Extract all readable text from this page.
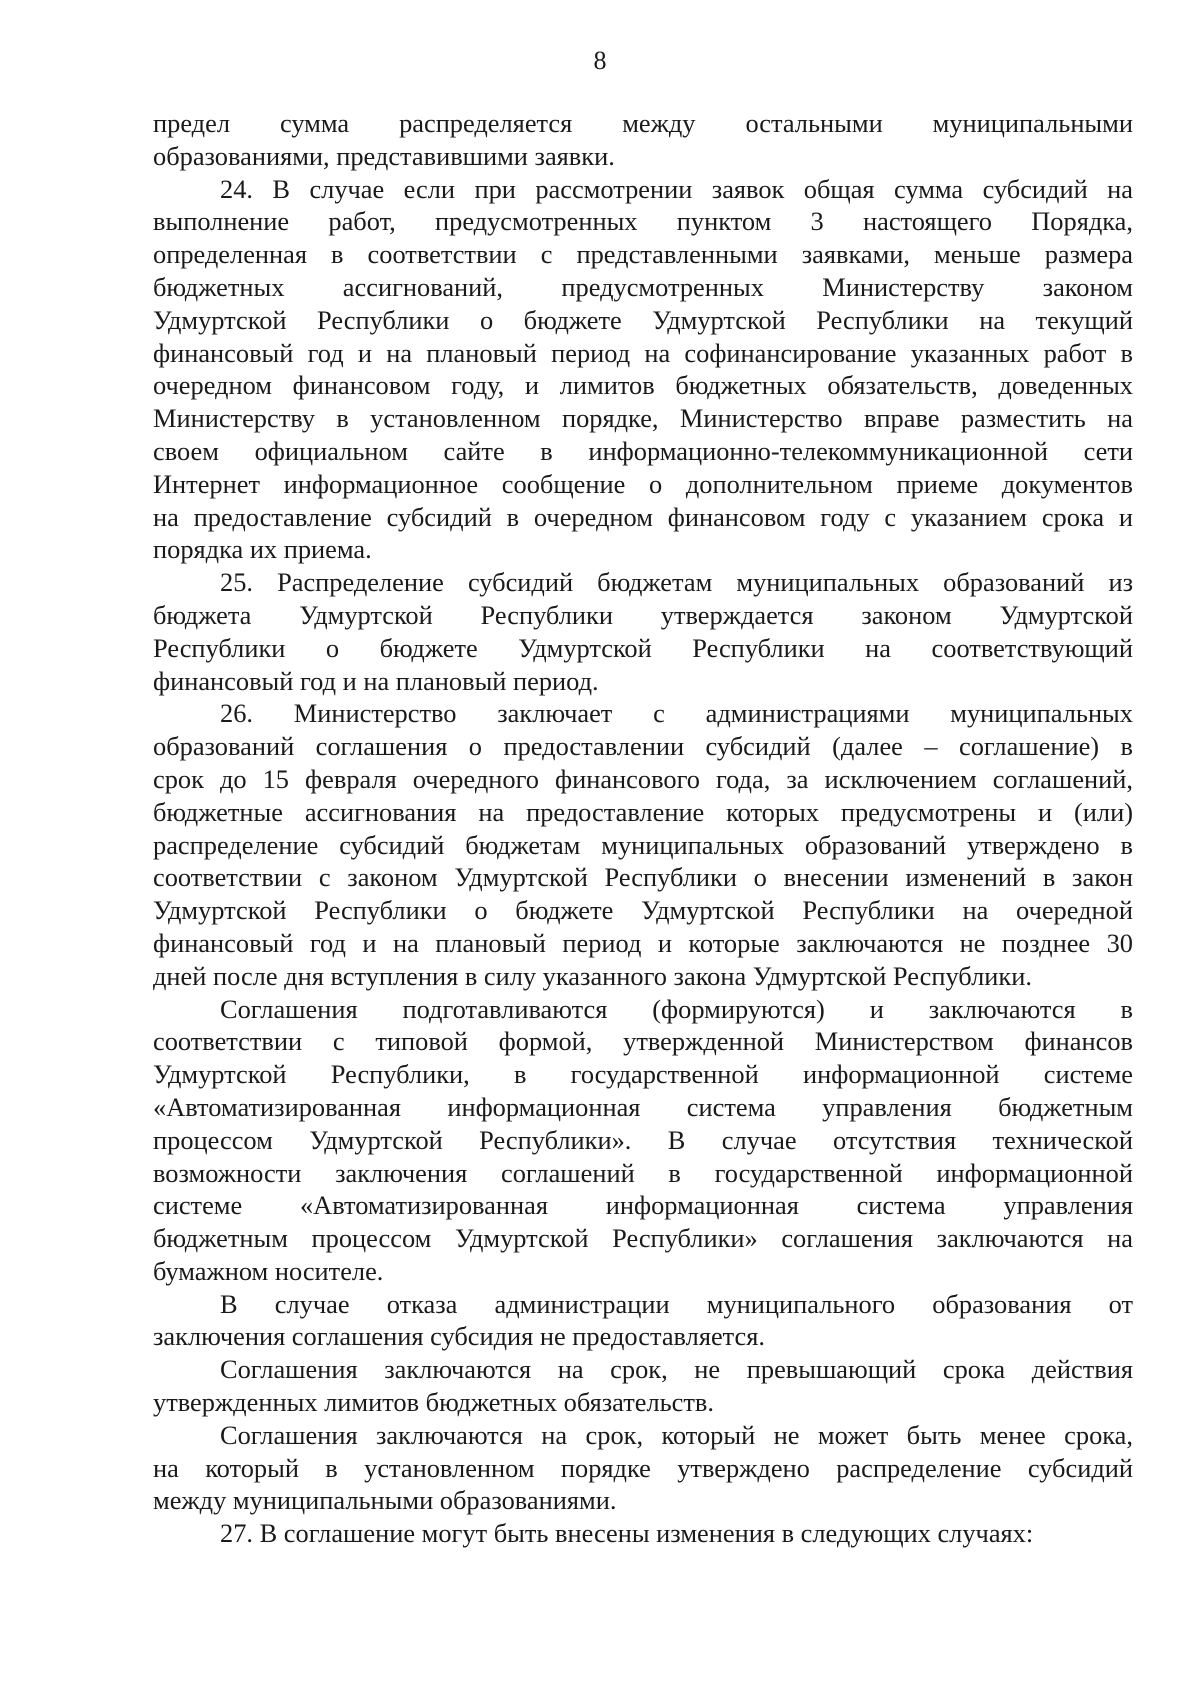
8

предел сумма распределяется между остальными муниципальными
образованиями, представившими заявки.

24. В случае если при рассмотрении заявок общая сумма субсидий на
выполнение работ, предусмотренных пунктом 3 настоящего Порядка,
определенная в соответствии с представленными заявками, меньше размера
бюджетных ассигнований, предусмотренных Министерству законом
Удмуртской Республики о бюджете Удмуртской Республики на текущий
финансовый год и на плановый период на софинансирование указанных работ в
очередном финансовом году, и лимитов бюджетных обязательств, доведенных
Министерству в установленном порядке, Министерство вправе разместить на
своем официальном сайте в информационно-телекоммуникационной сети
Интернет информационное сообщение о дополнительном приеме документов
на предоставление субсидий в очередном финансовом году с указанием срока и
порядка их приема.

25. Распределение субсидий бюджетам муниципальных образований из
бюджета Удмуртской Республики утверждается законом Удмуртской
Республики о бюджете Удмуртской Республики на соответствующий
финансовый год и на плановый период.

26. Министерство заключает с администрациями муниципальных
образований соглашения о предоставлении субсидий (далее – соглашение) в
срок до 15 февраля очередного финансового года, за исключением соглашений,
бюджетные ассигнования на предоставление которых предусмотрены и (или)
распределение субсидий бюджетам муниципальных образований утверждено в
соответствии с законом Удмуртской Республики о внесении изменений в закон
Удмуртской Республики о бюджете Удмуртской Республики на очередной
финансовый год и на плановый период и которые заключаются не позднее 30
дней после дня вступления в силу указанного закона Удмуртской Республики.

Соглашения подготавливаются (формируются) и заключаются в
соответствии с типовой формой, утвержденной Министерством финансов
Удмуртской Республики, в государственной информационной системе
«Автоматизированная информационная система управления бюджетным
процессом Удмуртской Республики». В случае отсутствия технической
возможности заключения соглашений в государственной информационной
системе «Автоматизированная информационная система управления
бюджетным процессом Удмуртской Республики» соглашения заключаются на
бумажном носителе.

В случае отказа администрации муниципального образования от
заключения соглашения субсидия не предоставляется.

Соглашения заключаются на срок, не превышающий срока действия
утвержденных лимитов бюджетных обязательств.

Соглашения заключаются на срок, который не может быть менее срока,
на который в установленном порядке утверждено распределение субсидий
между муниципальными образованиями.

27. В соглашение могут быть внесены изменения в следующих случаях:
